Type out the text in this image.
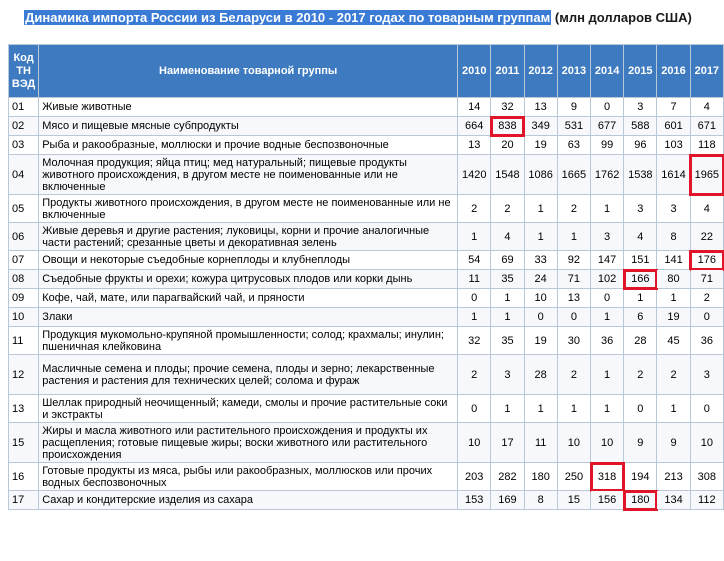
Динамика импорта России из Беларуси в 2010 - 2017 годах по товарным группам (млн долларов США)
Код ТН ВЭД	Наименование товарной группы	2010	2011	2012	2013	2014	2015	2016	2017
01	Живые животные	14	32	13	9	0	3	7	4
02	Мясо и пищевые мясные субпродукты	664	838	349	531	677	588	601	671
03	Рыба и ракообразные, моллюски и прочие водные беспозвоночные	13	20	19	63	99	96	103	118
04	Молочная продукция; яйца птиц; мед натуральный; пищевые продукты животного происхождения, в другом месте не поименованные или не включенные	1420	1548	1086	1665	1762	1538	1614	1965
05	Продукты животного происхождения, в другом месте не поименованные или не включенные	2	2	1	2	1	3	3	4
06	Живые деревья и другие растения; луковицы, корни и прочие аналогичные части растений; срезанные цветы и декоративная зелень	1	4	1	1	3	4	8	22
07	Овощи и некоторые съедобные корнеплоды и клубнеплоды	54	69	33	92	147	151	141	176
08	Съедобные фрукты и орехи; кожура цитрусовых плодов или корки дынь	11	35	24	71	102	166	80	71
09	Кофе, чай, мате, или парагвайский чай, и пряности	0	1	10	13	0	1	1	2
10	Злаки	1	1	0	0	1	6	19	0
11	Продукция мукомольно-крупяной промышленности; солод; крахмалы; инулин; пшеничная клейковина	32	35	19	30	36	28	45	36
12	Масличные семена и плоды; прочие семена, плоды и зерно; лекарственные растения и растения для технических целей; солома и фураж	2	3	28	2	1	2	2	3
13	Шеллак природный неочищенный; камеди, смолы и прочие растительные соки и экстракты	0	1	1	1	1	0	1	0
15	Жиры и масла животного или растительного происхождения и продукты их расщепления; готовые пищевые жиры; воски животного или растительного происхождения	10	17	11	10	10	9	9	10
16	Готовые продукты из мяса, рыбы или ракообразных, моллюсков или прочих водных беспозвоночных	203	282	180	250	318	194	213	308
17	Сахар и кондитерские изделия из сахара	153	169	8	15	156	180	134	112
